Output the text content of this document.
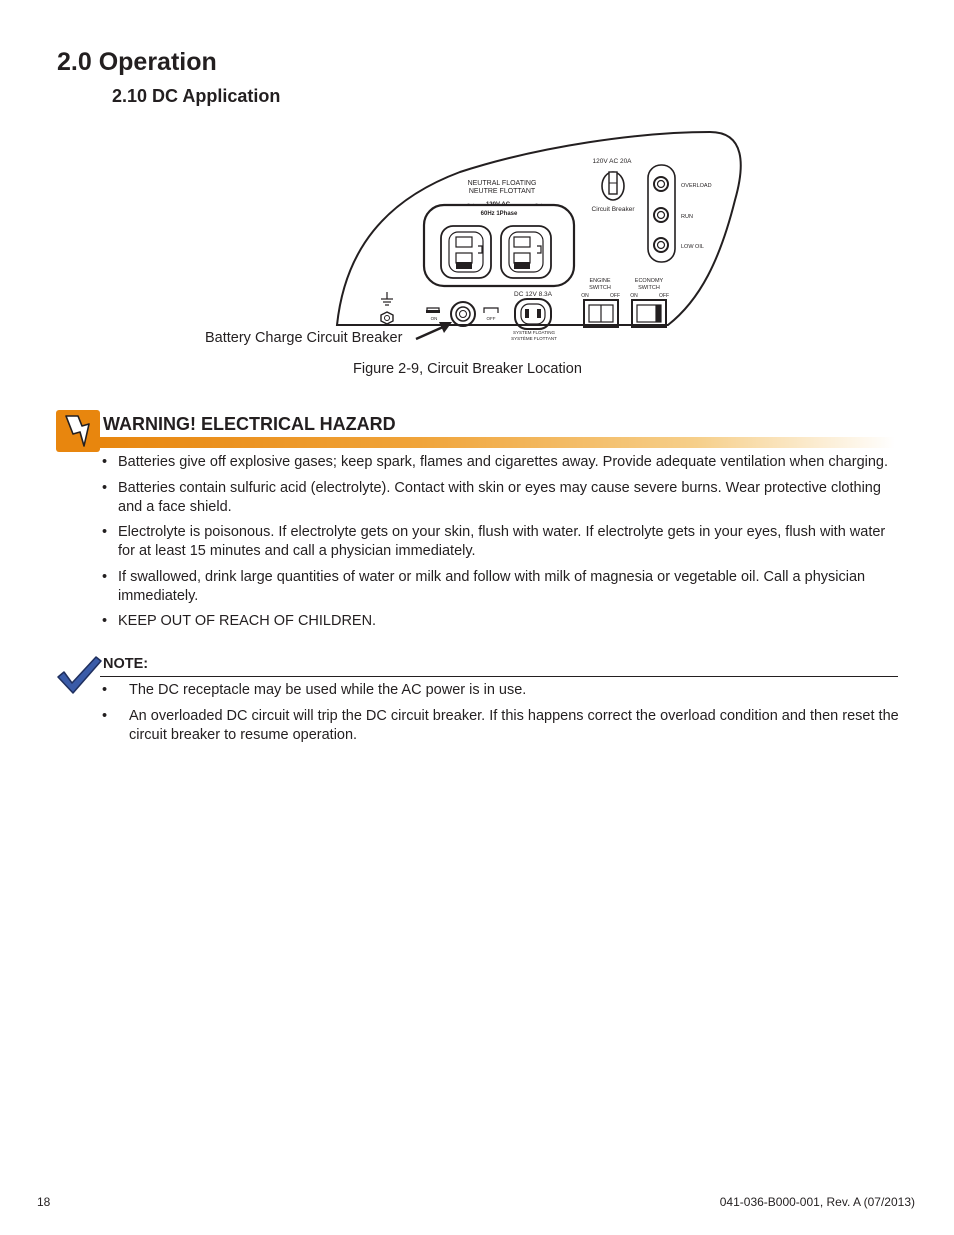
2.0 Operation
2.10 DC Application
NEUTRAL FLOATING
NEUTRE FLOTTANT
~	~
120V AC
60Hz 1Phase
120V AC 20A
Circuit Breaker
OVERLOAD
RUN
LOW OIL
ENGINE
SWITCH
ON	OFF
ECONOMY
SWITCH
ON	OFF
ON	OFF
DC 12V 8.3A
SYSTEM FLOATING
SYSTÈME FLOTTANT
Battery Charge Circuit Breaker
Figure 2-9, Circuit Breaker Location
WARNING! ELECTRICAL HAZARD
• Batteries give off explosive gases; keep spark, flames and cigarettes away. Provide adequate ventilation when charging.
• Batteries contain sulfuric acid (electrolyte). Contact with skin or eyes may cause severe burns. Wear protective clothing and a face shield.
• Electrolyte is poisonous. If electrolyte gets on your skin, flush with water. If electrolyte gets in your eyes, flush with water for at least 15 minutes and call a physician immediately.
• If swallowed, drink large quantities of water or milk and follow with milk of magnesia or vegetable oil. Call a physician immediately.
• KEEP OUT OF REACH OF CHILDREN.
NOTE:
• The DC receptacle may be used while the AC power is in use.
• An overloaded DC circuit will trip the DC circuit breaker. If this happens correct the overload condition and then reset the circuit breaker to resume operation.
18	041-036-B000-001, Rev. A (07/2013)
